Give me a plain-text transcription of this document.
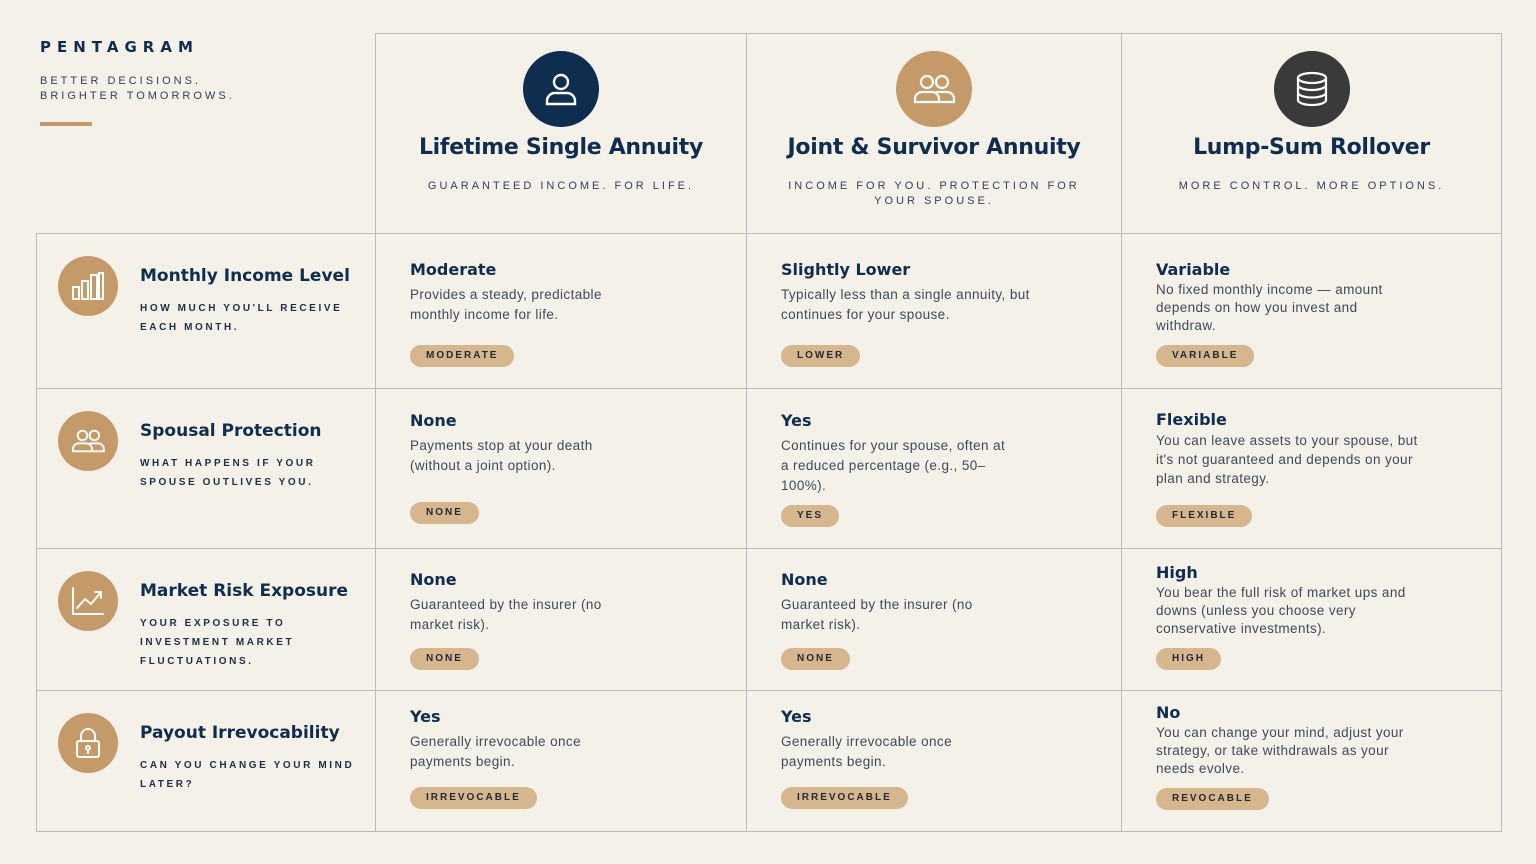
PENTAGRAM
BETTER DECISIONS.
BRIGHTER TOMORROWS.
Lifetime Single Annuity
GUARANTEED INCOME. FOR LIFE.
Joint & Survivor Annuity
INCOME FOR YOU. PROTECTION FOR YOUR SPOUSE.
Lump-Sum Rollover
MORE CONTROL. MORE OPTIONS.
Monthly Income Level
HOW MUCH YOU'LL RECEIVE EACH MONTH.
Moderate
Provides a steady, predictable monthly income for life.
MODERATE
Slightly Lower
Typically less than a single annuity, but continues for your spouse.
LOWER
Variable
No fixed monthly income — amount depends on how you invest and withdraw.
VARIABLE
Spousal Protection
WHAT HAPPENS IF YOUR SPOUSE OUTLIVES YOU.
None
Payments stop at your death (without a joint option).
NONE
Yes
Continues for your spouse, often at a reduced percentage (e.g., 50–100%).
YES
Flexible
You can leave assets to your spouse, but it's not guaranteed and depends on your plan and strategy.
FLEXIBLE
Market Risk Exposure
YOUR EXPOSURE TO INVESTMENT MARKET FLUCTUATIONS.
None
Guaranteed by the insurer (no market risk).
NONE
None
Guaranteed by the insurer (no market risk).
NONE
High
You bear the full risk of market ups and downs (unless you choose very conservative investments).
HIGH
Payout Irrevocability
CAN YOU CHANGE YOUR MIND LATER?
Yes
Generally irrevocable once payments begin.
IRREVOCABLE
Yes
Generally irrevocable once payments begin.
IRREVOCABLE
No
You can change your mind, adjust your strategy, or take withdrawals as your needs evolve.
REVOCABLE
